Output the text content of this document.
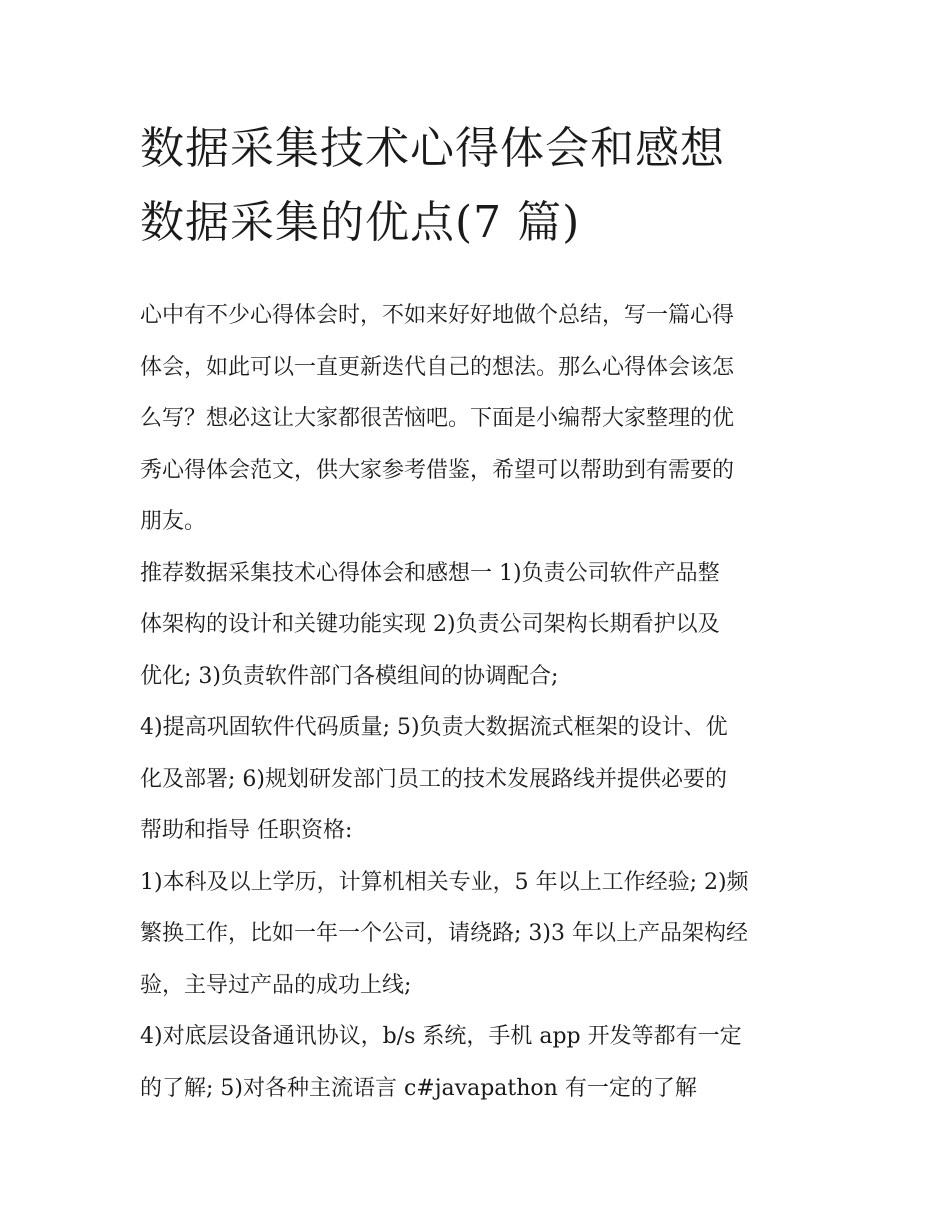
数据采集技术心得体会和感想
数据采集的优点(7 篇)

心中有不少心得体会时，不如来好好地做个总结，写一篇心得
体会，如此可以一直更新迭代自己的想法。那么心得体会该怎
么写？想必这让大家都很苦恼吧。下面是小编帮大家整理的优
秀心得体会范文，供大家参考借鉴，希望可以帮助到有需要的
朋友。

推荐数据采集技术心得体会和感想一 1)负责公司软件产品整
体架构的设计和关键功能实现 2)负责公司架构长期看护以及
优化; 3)负责软件部门各模组间的协调配合;

4)提高巩固软件代码质量; 5)负责大数据流式框架的设计、优
化及部署; 6)规划研发部门员工的技术发展路线并提供必要的
帮助和指导 任职资格:

1)本科及以上学历，计算机相关专业，5 年以上工作经验; 2)频
繁换工作，比如一年一个公司，请绕路; 3)3 年以上产品架构经
验，主导过产品的成功上线;

4)对底层设备通讯协议，b/s 系统，手机 app 开发等都有一定
的了解; 5)对各种主流语言 c#javapathon 有一定的了解
